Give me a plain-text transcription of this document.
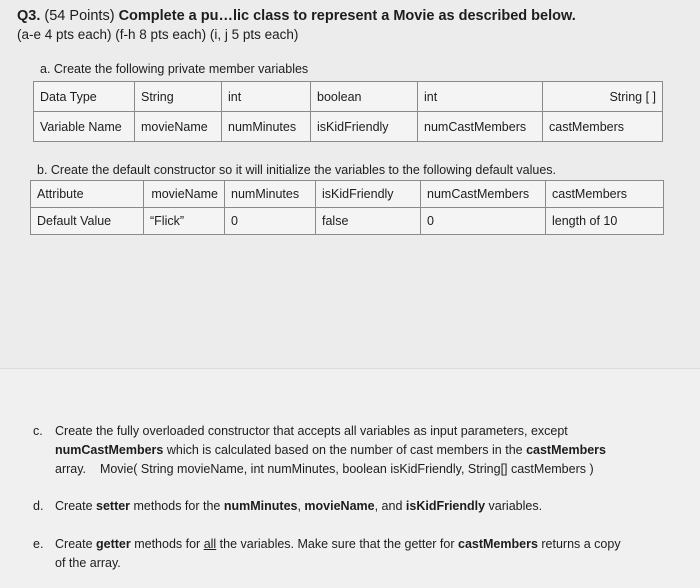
Q3. (54 Points) Complete a pu…lic class to represent a Movie as described below.
(a-e 4 pts each) (f-h 8 pts each) (i, j 5 pts each)
a. Create the following private member variables
Data Type	String	int	boolean	int	String [ ]
Variable Name	movieName	numMinutes	isKidFriendly	numCastMembers	castMembers
b. Create the default constructor so it will initialize the variables to the following default values.
Attribute	movieName	numMinutes	isKidFriendly	numCastMembers	castMembers
Default Value	“Flick”	0	false	0	length of 10
c. Create the fully overloaded constructor that accepts all variables as input parameters, except
numCastMembers which is calculated based on the number of cast members in the castMembers
array. Movie( String movieName, int numMinutes, boolean isKidFriendly, String[] castMembers )
d. Create setter methods for the numMinutes, movieName, and isKidFriendly variables.
e. Create getter methods for all the variables. Make sure that the getter for castMembers returns a copy
of the array.
